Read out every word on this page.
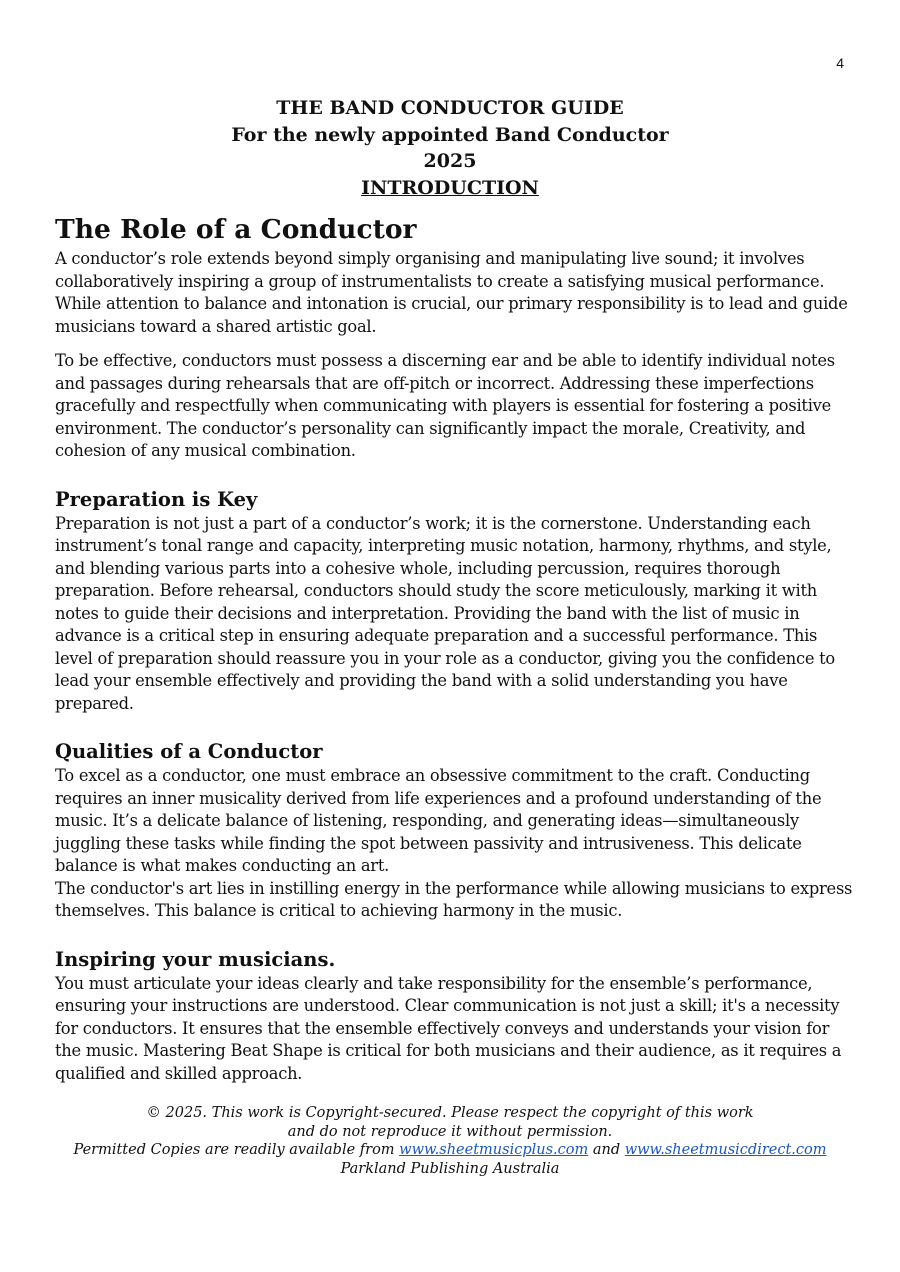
4
THE BAND CONDUCTOR GUIDE
For the newly appointed Band Conductor
2025
INTRODUCTION
The Role of a Conductor

A conductor’s role extends beyond simply organising and manipulating live sound; it involves collaboratively inspiring a group of instrumentalists to create a satisfying musical performance. While attention to balance and intonation is crucial, our primary responsibility is to lead and guide musicians toward a shared artistic goal.

To be effective, conductors must possess a discerning ear and be able to identify individual notes and passages during rehearsals that are off-pitch or incorrect. Addressing these imperfections gracefully and respectfully when communicating with players is essential for fostering a positive environment. The conductor’s personality can significantly impact the morale, Creativity, and cohesion of any musical combination.

Preparation is Key

Preparation is not just a part of a conductor’s work; it is the cornerstone. Understanding each instrument’s tonal range and capacity, interpreting music notation, harmony, rhythms, and style, and blending various parts into a cohesive whole, including percussion, requires thorough preparation. Before rehearsal, conductors should study the score meticulously, marking it with notes to guide their decisions and interpretation. Providing the band with the list of music in advance is a critical step in ensuring adequate preparation and a successful performance. This level of preparation should reassure you in your role as a conductor, giving you the confidence to lead your ensemble effectively and providing the band with a solid understanding you have prepared.

Qualities of a Conductor

To excel as a conductor, one must embrace an obsessive commitment to the craft. Conducting requires an inner musicality derived from life experiences and a profound understanding of the music. It’s a delicate balance of listening, responding, and generating ideas—simultaneously juggling these tasks while finding the spot between passivity and intrusiveness. This delicate balance is what makes conducting an art.

The conductor's art lies in instilling energy in the performance while allowing musicians to express themselves. This balance is critical to achieving harmony in the music.

Inspiring your musicians.

You must articulate your ideas clearly and take responsibility for the ensemble’s performance, ensuring your instructions are understood. Clear communication is not just a skill; it's a necessity for conductors. It ensures that the ensemble effectively conveys and understands your vision for the music. Mastering Beat Shape is critical for both musicians and their audience, as it requires a qualified and skilled approach.

© 2025. This work is Copyright-secured. Please respect the copyright of this work
and do not reproduce it without permission.
Permitted Copies are readily available from www.sheetmusicplus.com and www.sheetmusicdirect.com
Parkland Publishing Australia
